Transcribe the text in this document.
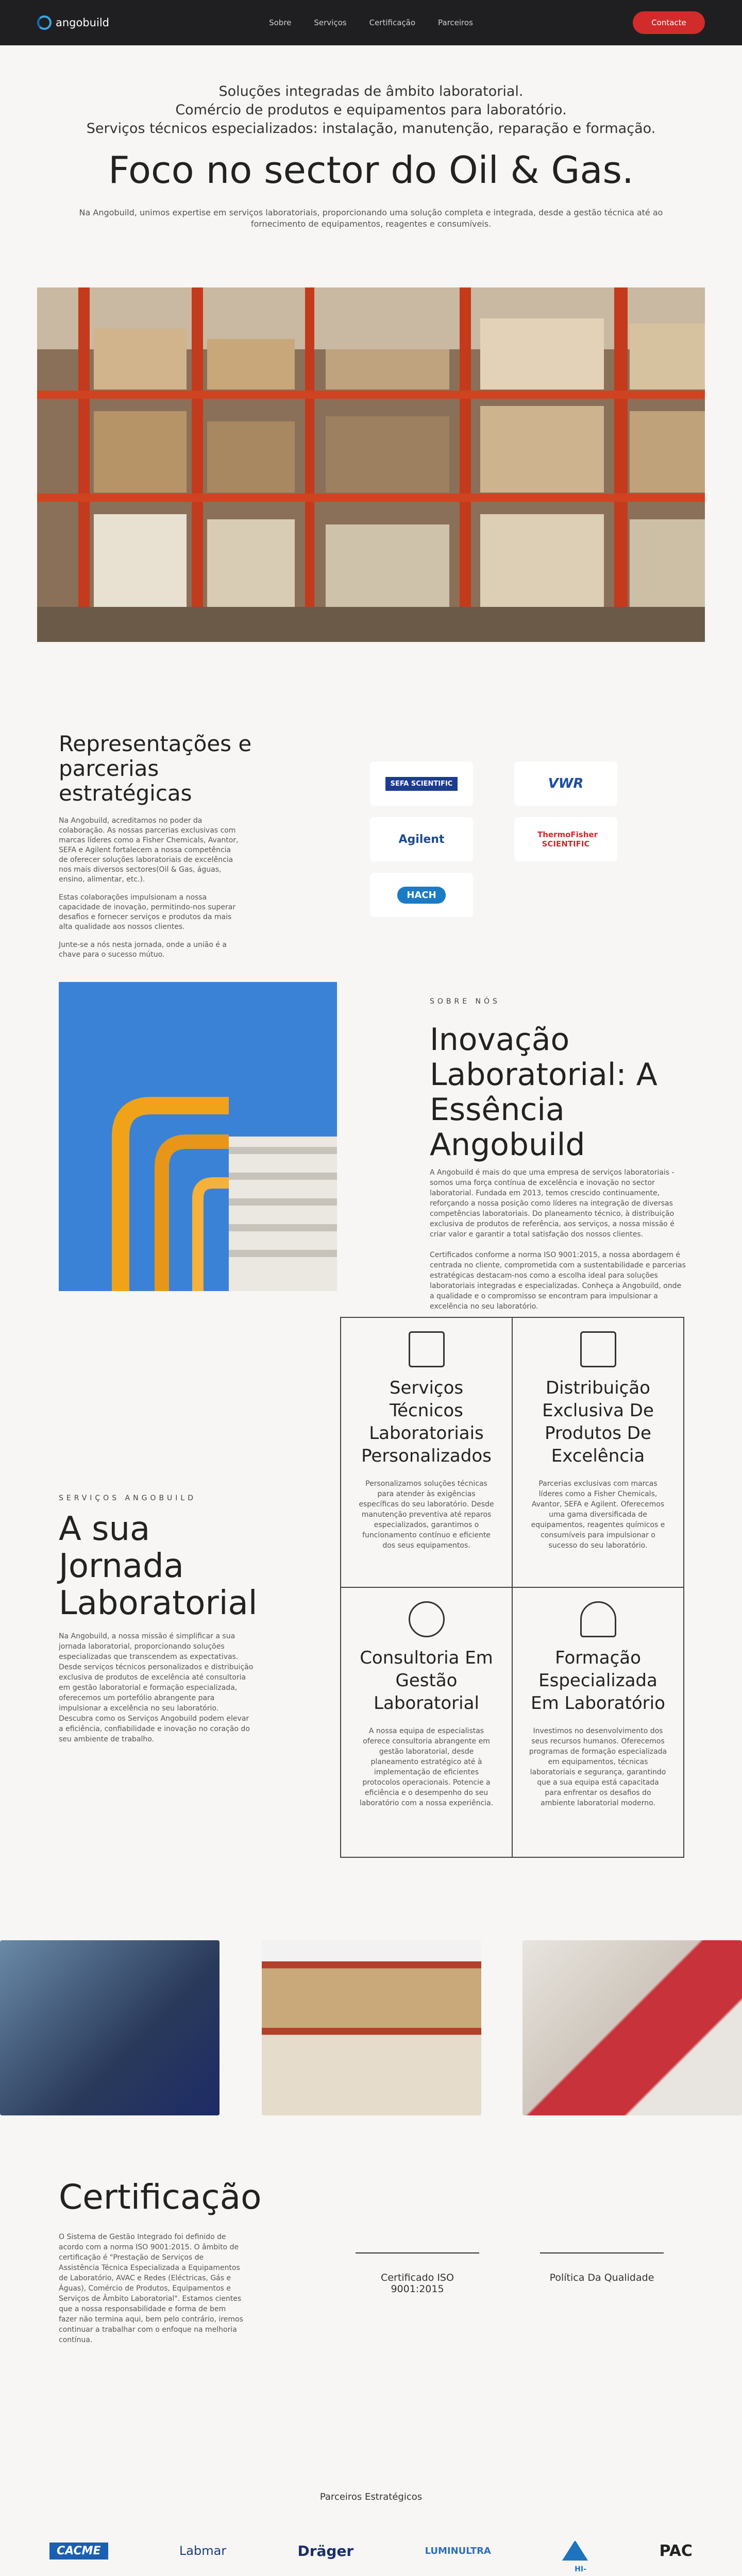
angobuild	Sobre	Serviços	Certificação	Parceiros	Contacte
Soluções integradas de âmbito laboratorial.
Comércio de produtos e equipamentos para laboratório.
Serviços técnicos especializados: instalação, manutenção, reparação e formação.
Foco no sector do Oil & Gas.

Na Angobuild, unimos expertise em serviços laboratoriais, proporcionando uma solução completa e integrada, desde a gestão técnica até ao fornecimento de equipamentos, reagentes e consumíveis.

Representações e parcerias estratégicas

Na Angobuild, acreditamos no poder da colaboração. As nossas parcerias exclusivas com marcas líderes como a Fisher Chemicals, Avantor, SEFA e Agilent fortalecem a nossa competência de oferecer soluções laboratoriais de excelência nos mais diversos sectores(Oil & Gas, águas, ensino, alimentar, etc.).

Estas colaborações impulsionam a nossa capacidade de inovação, permitindo-nos superar desafios e fornecer serviços e produtos da mais alta qualidade aos nossos clientes.

Junte-se a nós nesta jornada, onde a união é a chave para o sucesso mútuo.

SEFA SCIENTIFIC	VWR
Agilent	ThermoFisher SCIENTIFIC
HACH
SOBRE NÓS
Inovação Laboratorial: A Essência Angobuild

A Angobuild é mais do que uma empresa de serviços laboratoriais - somos uma força contínua de excelência e inovação no sector laboratorial. Fundada em 2013, temos crescido continuamente, reforçando a nossa posição como líderes na integração de diversas competências laboratoriais. Do planeamento técnico, à distribuição exclusiva de produtos de referência, aos serviços, a nossa missão é criar valor e garantir a total satisfação dos nossos clientes.

Certificados conforme a norma ISO 9001:2015, a nossa abordagem é centrada no cliente, comprometida com a sustentabilidade e parcerias estratégicas destacam-nos como a escolha ideal para soluções laboratoriais integradas e especializadas. Conheça a Angobuild, onde a qualidade e o compromisso se encontram para impulsionar a excelência no seu laboratório.

SERVIÇOS ANGOBUILD
A sua Jornada Laboratorial

Na Angobuild, a nossa missão é simplificar a sua jornada laboratorial, proporcionando soluções especializadas que transcendem as expectativas. Desde serviços técnicos personalizados e distribuição exclusiva de produtos de excelência até consultoria em gestão laboratorial e formação especializada, oferecemos um portefólio abrangente para impulsionar a excelência no seu laboratório. Descubra como os Serviços Angobuild podem elevar a eficiência, confiabilidade e inovação no coração do seu ambiente de trabalho.

Serviços Técnicos Laboratoriais Personalizados

Personalizamos soluções técnicas para atender às exigências específicas do seu laboratório. Desde manutenção preventiva até reparos especializados, garantimos o funcionamento contínuo e eficiente dos seus equipamentos.

Distribuição Exclusiva De Produtos De Excelência

Parcerias exclusivas com marcas líderes como a Fisher Chemicals, Avantor, SEFA e Agilent. Oferecemos uma gama diversificada de equipamentos, reagentes químicos e consumíveis para impulsionar o sucesso do seu laboratório.

Consultoria Em Gestão Laboratorial

A nossa equipa de especialistas oferece consultoria abrangente em gestão laboratorial, desde planeamento estratégico até à implementação de eficientes protocolos operacionais. Potencie a eficiência e o desempenho do seu laboratório com a nossa experiência.

Formação Especializada Em Laboratório

Investimos no desenvolvimento dos seus recursos humanos. Oferecemos programas de formação especializada em equipamentos, técnicas laboratoriais e segurança, garantindo que a sua equipa está capacitada para enfrentar os desafios do ambiente laboratorial moderno.

Certificação

O Sistema de Gestão Integrado foi definido de acordo com a norma ISO 9001:2015. O âmbito de certificação é "Prestação de Serviços de Assistência Técnica Especializada a Equipamentos de Laboratório, AVAC e Redes (Eléctricas, Gás e Águas), Comércio de Produtos, Equipamentos e Serviços de Âmbito Laboratorial". Estamos cientes que a nossa responsabilidade e forma de bem fazer não termina aqui, bem pelo contrário, iremos continuar a trabalhar com o enfoque na melhoria contínua.

Certificado ISO 9001:2015
Política Da Qualidade
Parceiros Estratégicos
CACME	Labmar	Dräger	LUMINULTRA
HI-
PAC
